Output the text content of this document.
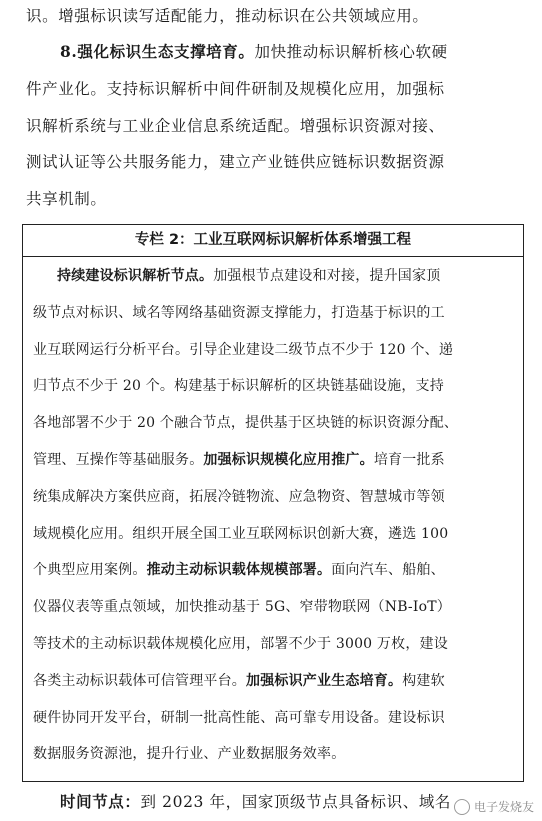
识。增强标识读写适配能力，推动标识在公共领域应用。
8.强化标识生态支撑培育。加快推动标识解析核心软硬
件产业化。支持标识解析中间件研制及规模化应用，加强标
识解析系统与工业企业信息系统适配。增强标识资源对接、
测试认证等公共服务能力，建立产业链供应链标识数据资源
共享机制。
专栏 2：工业互联网标识解析体系增强工程
持续建设标识解析节点。加强根节点建设和对接，提升国家顶
级节点对标识、域名等网络基础资源支撑能力，打造基于标识的工
业互联网运行分析平台。引导企业建设二级节点不少于 120 个、递
归节点不少于 20 个。构建基于标识解析的区块链基础设施，支持
各地部署不少于 20 个融合节点，提供基于区块链的标识资源分配、
管理、互操作等基础服务。加强标识规模化应用推广。培育一批系
统集成解决方案供应商，拓展冷链物流、应急物资、智慧城市等领
域规模化应用。组织开展全国工业互联网标识创新大赛，遴选 100
个典型应用案例。推动主动标识载体规模部署。面向汽车、船舶、
仪器仪表等重点领域，加快推动基于 5G、窄带物联网（NB-IoT）
等技术的主动标识载体规模化应用，部署不少于 3000 万枚，建设
各类主动标识载体可信管理平台。加强标识产业生态培育。构建软
硬件协同开发平台，研制一批高性能、高可靠专用设备。建设标识
数据服务资源池，提升行业、产业数据服务效率。
时间节点：到 2023 年，国家顶级节点具备标识、域名	电子发烧友
